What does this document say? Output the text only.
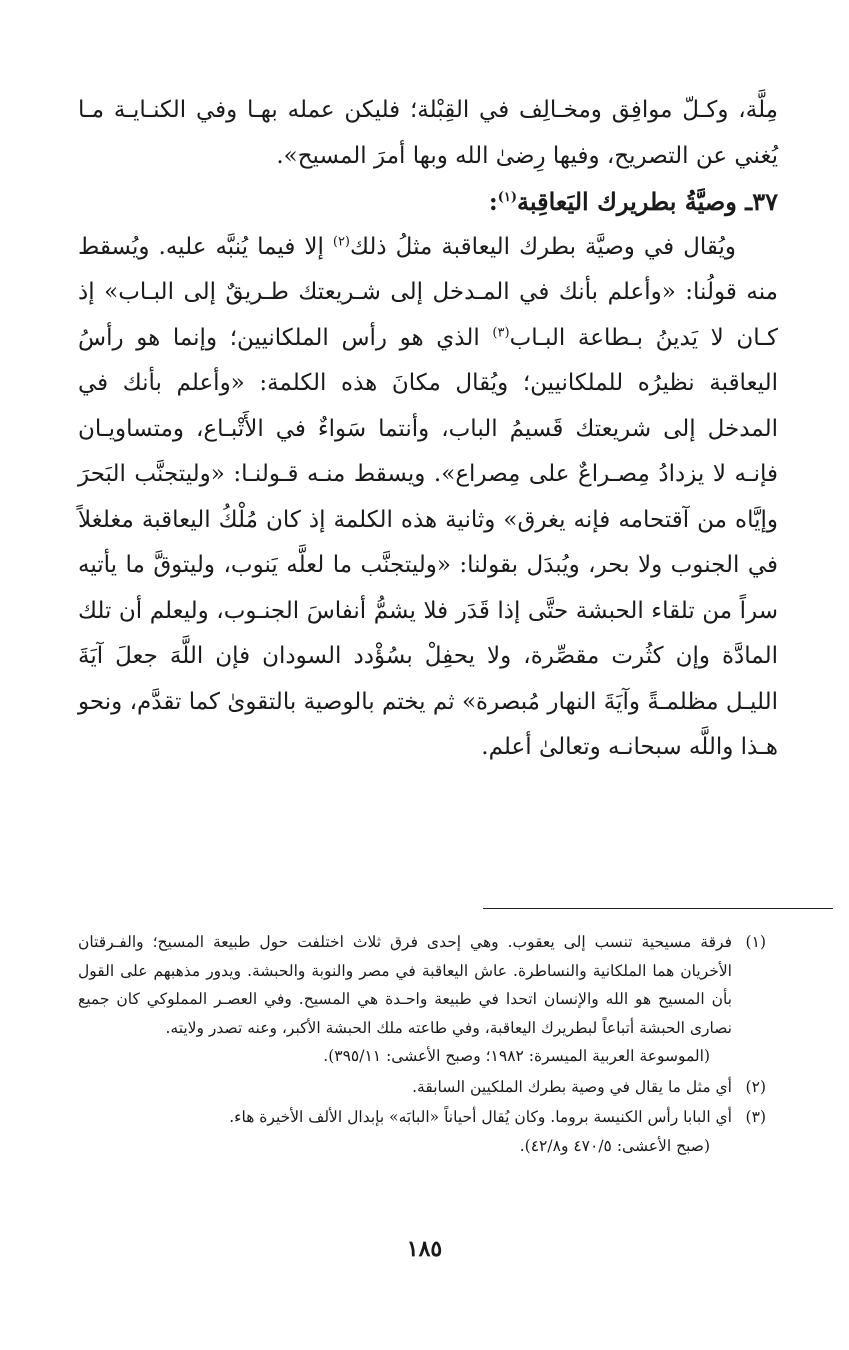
مِلَّة، وكـلّ موافِق ومخـالِف في القِبْلة؛ فليكن عمله بهـا وفي الكنـايـة مـا يُغني عن التصريح، وفيها رِضىٰ الله وبها أمرَ المسيح».

٣٧ـ وصيَّةُ بطريرك اليَعاقِبة$^{(١)}$:

ويُقال في وصيَّة بطرك اليعاقبة مثلُ ذلك$^{(٢)}$ إلا فيما يُنبَّه عليه. ويُسقط منه قولُنا: «وأعلم بأنك في المـدخل إلى شـريعتك طـريقٌ إلى البـاب» إذ كـان لا يَدينُ بـطاعة البـاب$^{(٣)}$ الذي هو رأس الملكانيين؛ وإنما هو رأسُ اليعاقبة نظيرُه للملكانيين؛ ويُقال مكانَ هذه الكلمة: «وأعلم بأنك في المدخل إلى شريعتك قَسيمُ الباب، وأنتما سَواءٌ في الأَتْبـاع، ومتساويـان فإنـه لا يزدادُ مِصـراعٌ على مِصراع». ويسقط منـه قـولنـا: «وليتجنَّب البَحرَ وإيَّاه من آقتحامه فإنه يغرق» وثانية هذه الكلمة إذ كان مُلْكُ اليعاقبة مغلغلاً في الجنوب ولا بحر، ويُبدَل بقولنا: «وليتجنَّب ما لعلَّه يَنوب، وليتوقَّ ما يأتيه سراً من تلقاء الحبشة حتَّى إذا قَدَر فلا يشمُّ أنفاسَ الجنـوب، وليعلم أن تلك المادَّة وإن كثُرت مقصِّرة، ولا يحفِلْ بسُؤْدد السودان فإن اللَّهَ جعلَ آيَةَ الليـل مظلمـةً وآيَةَ النهار مُبصرة» ثم يختم بالوصية بالتقوىٰ كما تقدَّم، ونحو هـذا واللَّه سبحانـه وتعالىٰ أعلم.

(١)
فرقة مسيحية تنسب إلى يعقوب. وهي إحدى فرق ثلاث اختلفت حول طبيعة المسيح؛ والفـرقتان الأخريان هما الملكانية والنساطرة. عاش اليعاقبة في مصر والنوبة والحبشة. ويدور مذهبهم على القول بأن المسيح هو الله والإنسان اتحدا في طبيعة واحـدة هي المسيح. وفي العصـر المملوكي كان جميع نصارى الحبشة أتباعاً لبطريرك اليعاقبة، وفي طاعته ملك الحبشة الأكبر، وعنه تصدر ولايته.
(الموسوعة العربية الميسرة: ١٩٨٢؛ وصبح الأعشى: ٣٩٥/١١).

(٢)
أي مثل ما يقال في وصية بطرك الملكيين السابقة.

(٣)
أي البابا رأس الكنيسة بروما. وكان يُقال أحياناً «البابَه» بإبدال الألف الأخيرة هاء.
(صبح الأعشى: ٤٧٠/٥ و٤٢/٨).

١٨٥
